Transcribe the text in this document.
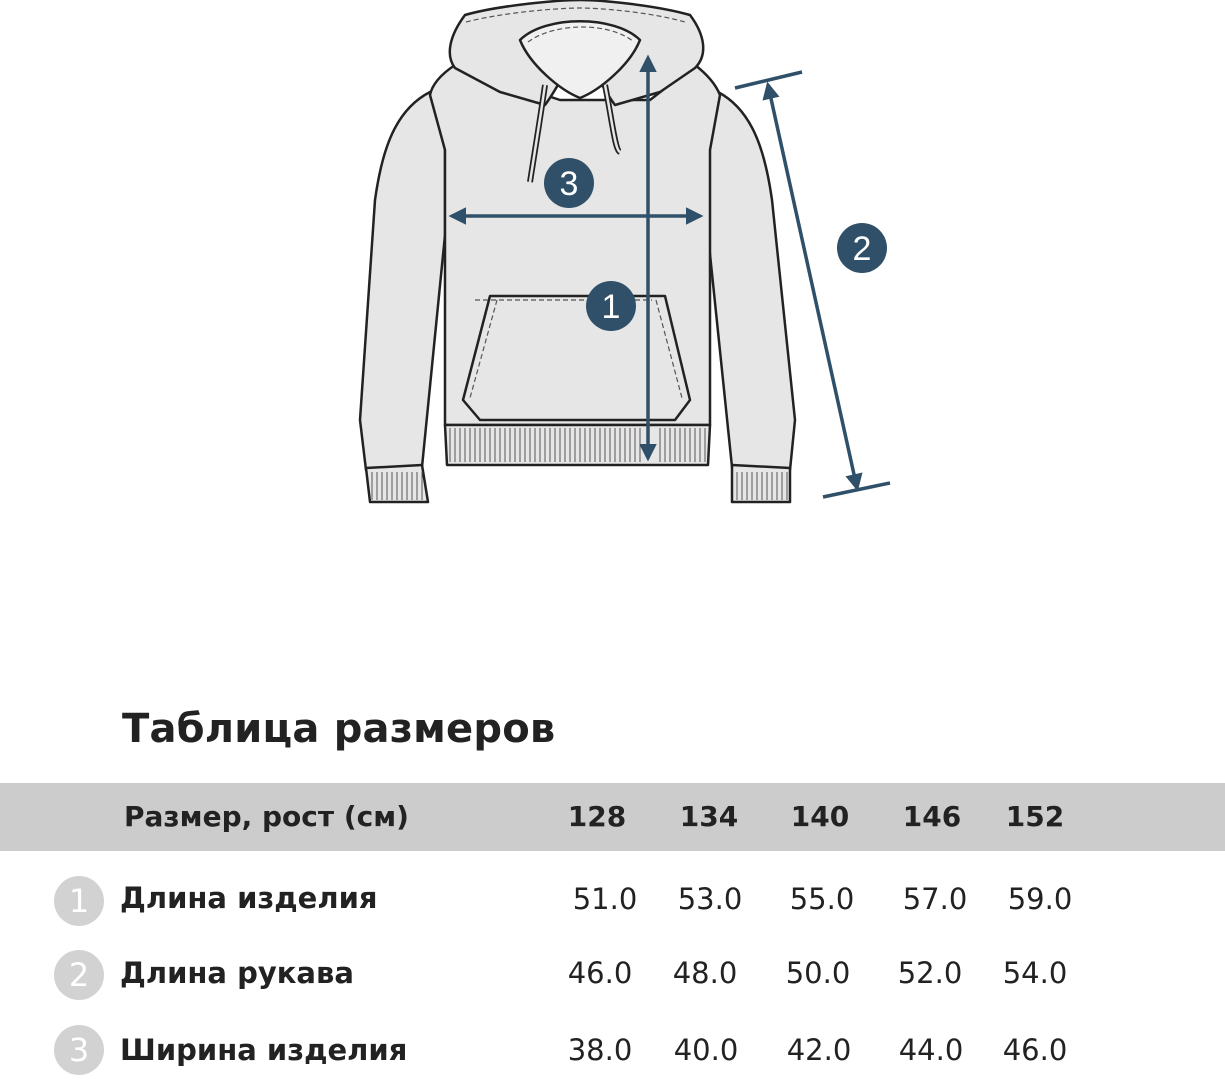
1
2
3
Таблица размеров
Размер, рост (см)	128	134	140	146	152
1	Длина изделия	51.0	53.0	55.0	57.0	59.0
2	Длина рукава	46.0	48.0	50.0	52.0	54.0
3	Ширина изделия	38.0	40.0	42.0	44.0	46.0
